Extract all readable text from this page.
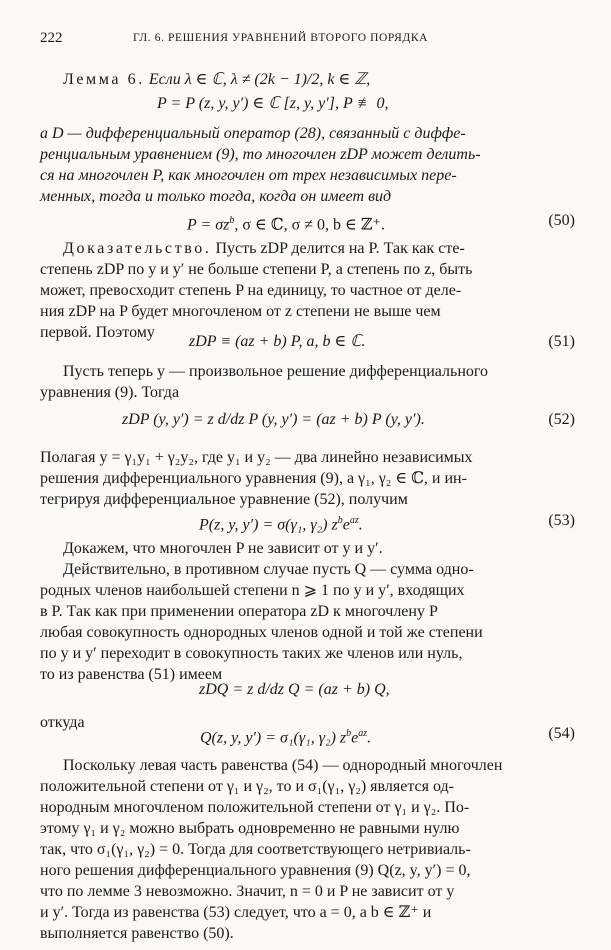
222	ГЛ. 6. РЕШЕНИЯ УРАВНЕНИЙ ВТОРОГО ПОРЯДКА
Лемма 6. Если λ ∈ ℂ, λ ≠ (2k − 1)/2, k ∈ ℤ,
P = P (z, y, y′) ∈ ℂ [z, y, y′], P ≢ 0,
а D — дифференциальный оператор (28), связанный с диффе-
ренциальным уравнением (9), то многочлен zDP может делить-
ся на многочлен P, как многочлен от трех независимых пере-
менных, тогда и только тогда, когда он имеет вид
$P = \sigma z^b$, σ ∈ ℂ, σ ≠ 0, b ∈ ℤ⁺.	(50)
Доказательство. Пусть zDP делится на P. Так как сте-
степень zDP по y и y′ не больше степени P, а степень по z, быть
может, превосходит степень P на единицу, то частное от деле-
ния zDP на P будет многочленом от z степени не выше чем
первой. Поэтому
zDP ≡ (az + b) P, a, b ∈ ℂ.	(51)
Пусть теперь y — произвольное решение дифференциального
уравнения (9). Тогда
zDP (y, y′) = z d/dz P (y, y′) = (az + b) P (y, y′).	(52)
Полагая y = γ₁y₁ + γ₂y₂, где y₁ и y₂ — два линейно независимых
решения дифференциального уравнения (9), а γ₁, γ₂ ∈ ℂ, и ин-
тегрируя дифференциальное уравнение (52), получим
P(z, y, y′) = σ(γ₁, γ₂) $z^be^{az}$.	(53)
Докажем, что многочлен P не зависит от y и y′.
Действительно, в противном случае пусть Q — сумма одно-
родных членов наибольшей степени n ⩾ 1 по y и y′, входящих
в P. Так как при применении оператора zD к многочлену P
любая совокупность однородных членов одной и той же степени
по y и y′ переходит в совокупность таких же членов или нуль,
то из равенства (51) имеем
zDQ = z d/dz Q = (az + b) Q,
откуда
Q(z, y, y′) = σ₁(γ₁, γ₂) $z^be^{az}$.	(54)
Поскольку левая часть равенства (54) — однородный многочлен
положительной степени от γ₁ и γ₂, то и σ₁(γ₁, γ₂) является од-
нородным многочленом положительной степени от γ₁ и γ₂. По-
этому γ₁ и γ₂ можно выбрать одновременно не равными нулю
так, что σ₁(γ₁, γ₂) = 0. Тогда для соответствующего нетривиаль-
ного решения дифференциального уравнения (9) Q(z, y, y′) = 0,
что по лемме 3 невозможно. Значит, n = 0 и P не зависит от y
и y′. Тогда из равенства (53) следует, что a = 0, а b ∈ ℤ⁺ и
выполняется равенство (50).
